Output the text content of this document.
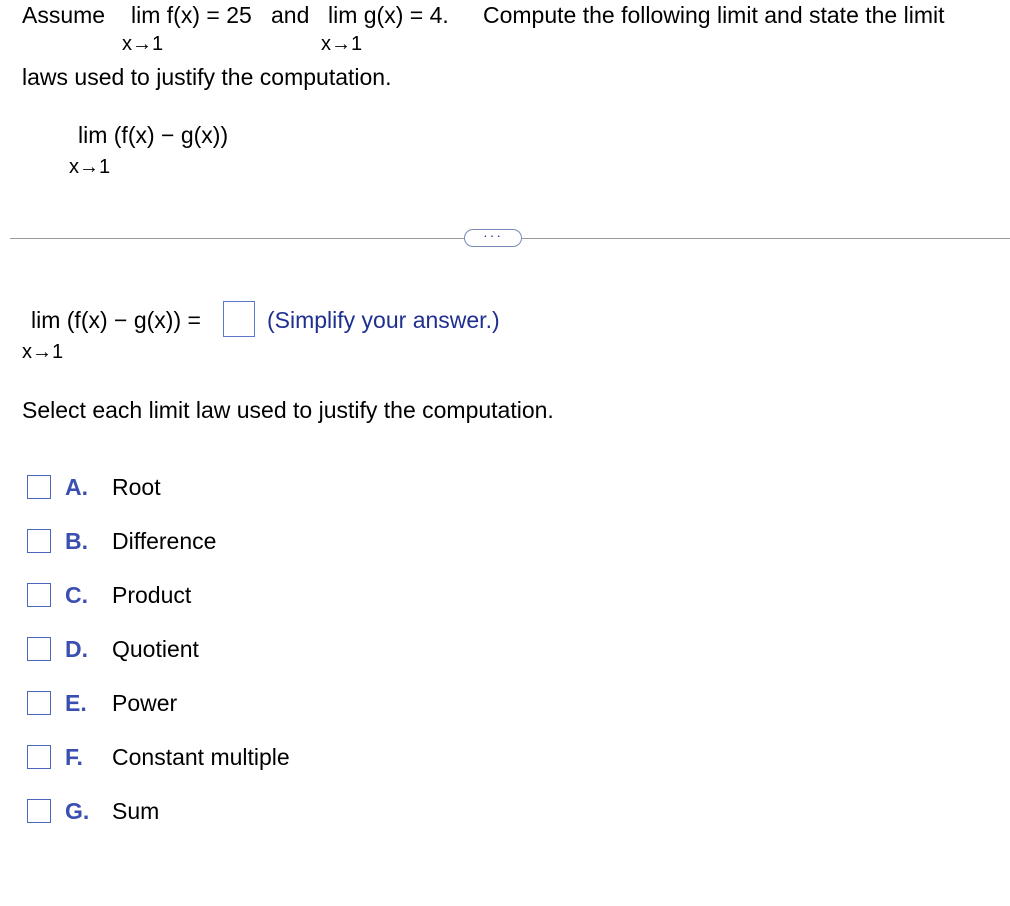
Assume lim f(x) = 25
x→1
and lim g(x) = 4.
x→1
Compute the following limit and state the limit
laws used to justify the computation.
lim (f(x) − g(x))
x→1
···
lim (f(x) − g(x)) =
x→1
(Simplify your answer.)
Select each limit law used to justify the computation.
A. Root
B. Difference
C. Product
D. Quotient
E. Power
F. Constant multiple
G. Sum
